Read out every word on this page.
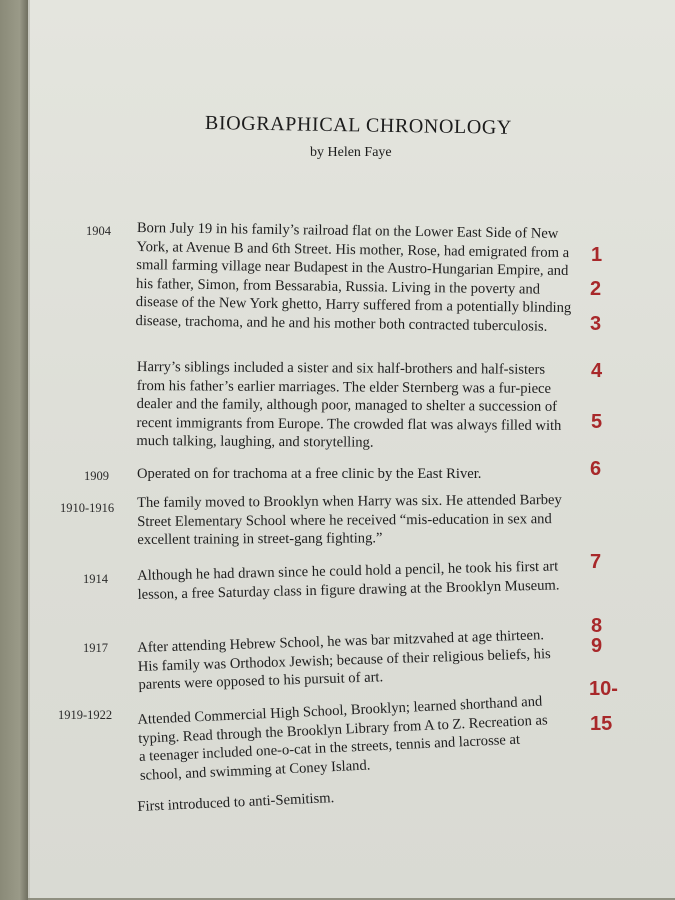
BIOGRAPHICAL CHRONOLOGY
by Helen Faye
1904 Born July 19 in his family’s railroad flat on the Lower East Side of New York, at Avenue B and 6th Street. His mother, Rose, had emigrated from a small farming village near Budapest in the Austro-Hungarian Empire, and his father, Simon, from Bessarabia, Russia. Living in the poverty and disease of the New York ghetto, Harry suffered from a potentially blinding disease, trachoma, and he and his mother both contracted tuberculosis.
Harry’s siblings included a sister and six half-brothers and half-sisters from his father’s earlier marriages. The elder Sternberg was a fur-piece dealer and the family, although poor, managed to shelter a succession of recent immigrants from Europe. The crowded flat was always filled with much talking, laughing, and storytelling.
1909 Operated on for trachoma at a free clinic by the East River.
1910-1916 The family moved to Brooklyn when Harry was six. He attended Barbey Street Elementary School where he received “mis-education in sex and excellent training in street-gang fighting.”
1914 Although he had drawn since he could hold a pencil, he took his first art lesson, a free Saturday class in figure drawing at the Brooklyn Museum.
1917 After attending Hebrew School, he was bar mitzvahed at age thirteen. His family was Orthodox Jewish; because of their religious beliefs, his parents were opposed to his pursuit of art.
1919-1922 Attended Commercial High School, Brooklyn; learned shorthand and typing. Read through the Brooklyn Library from A to Z. Recreation as a teenager included one-o-cat in the streets, tennis and lacrosse at school, and swimming at Coney Island.
First introduced to anti-Semitism.
1
2
3
4
5
6
7
8
9
10-
15
